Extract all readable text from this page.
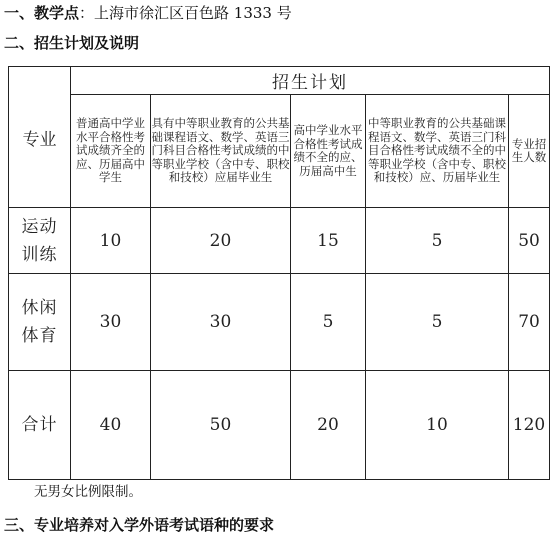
一、教学点：上海市徐汇区百色路 1333 号
二、招生计划及说明
专业	招生计划				
	普通高中学业水平合格性考试成绩齐全的应、历届高中学生	具有中等职业教育的公共基础课程语文、数学、英语三门科目合格性考试成绩的中等职业学校（含中专、职校和技校）应届毕业生	高中学业水平合格性考试成绩不全的应、历届高中生	中等职业教育的公共基础课程语文、数学、英语三门科目合格性考试成绩不全的中等职业学校（含中专、职校和技校）应、历届毕业生	专业招生人数
运动
训练	10	20	15	5	50
休闲
体育	30	30	5	5	70
合计	40	50	20	10	120
无男女比例限制。
三、专业培养对入学外语考试语种的要求
